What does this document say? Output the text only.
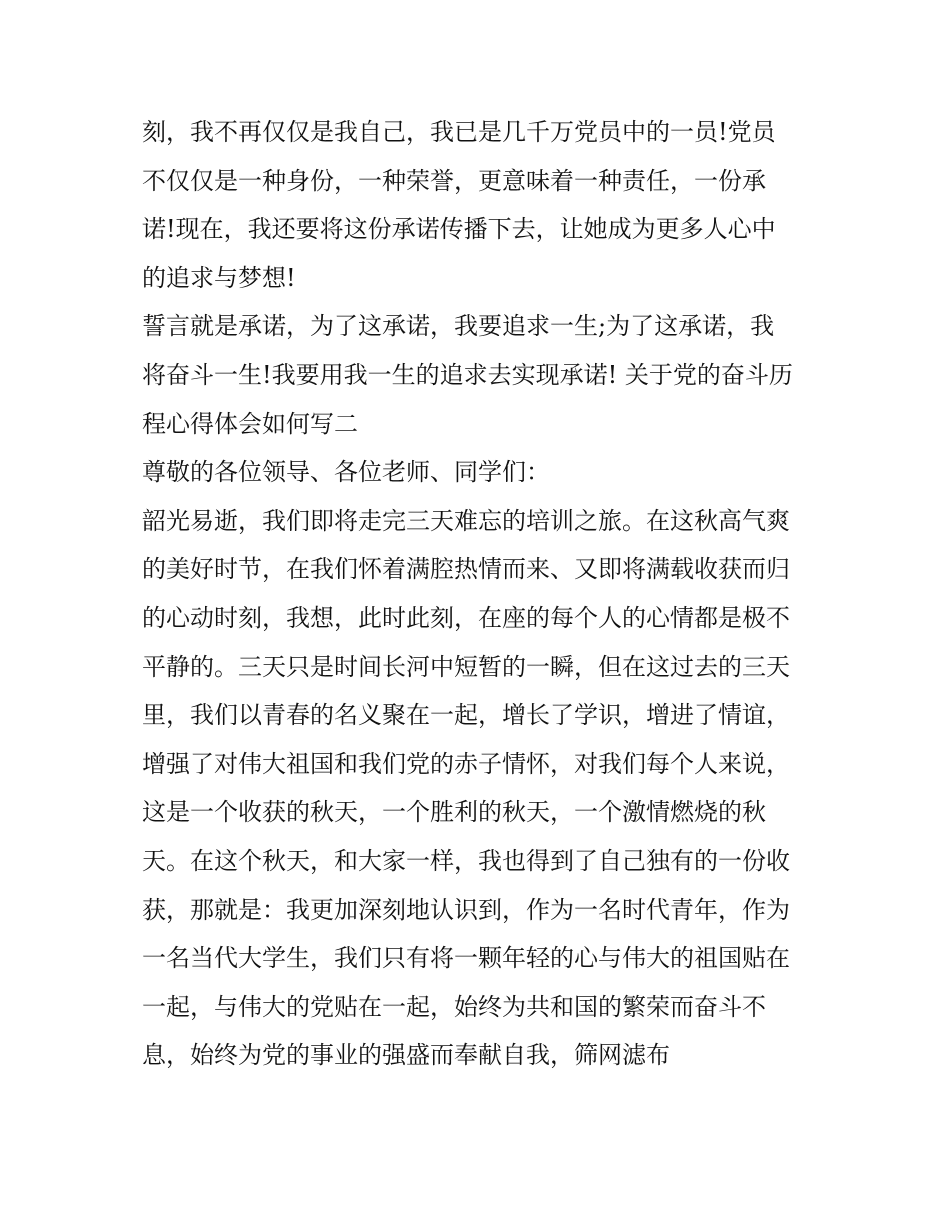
刻，我不再仅仅是我自己，我已是几千万党员中的一员!党员
不仅仅是一种身份，一种荣誉，更意味着一种责任，一份承
诺!现在，我还要将这份承诺传播下去，让她成为更多人心中
的追求与梦想!
誓言就是承诺，为了这承诺，我要追求一生;为了这承诺，我
将奋斗一生!我要用我一生的追求去实现承诺! 关于党的奋斗历
程心得体会如何写二
尊敬的各位领导、各位老师、同学们：
韶光易逝，我们即将走完三天难忘的培训之旅。在这秋高气爽
的美好时节，在我们怀着满腔热情而来、又即将满载收获而归
的心动时刻，我想，此时此刻，在座的每个人的心情都是极不
平静的。三天只是时间长河中短暂的一瞬，但在这过去的三天
里，我们以青春的名义聚在一起，增长了学识，增进了情谊，
增强了对伟大祖国和我们党的赤子情怀，对我们每个人来说，
这是一个收获的秋天，一个胜利的秋天，一个激情燃烧的秋
天。在这个秋天，和大家一样，我也得到了自己独有的一份收
获，那就是：我更加深刻地认识到，作为一名时代青年，作为
一名当代大学生，我们只有将一颗年轻的心与伟大的祖国贴在
一起，与伟大的党贴在一起，始终为共和国的繁荣而奋斗不
息，始终为党的事业的强盛而奉献自我，筛网滤布
